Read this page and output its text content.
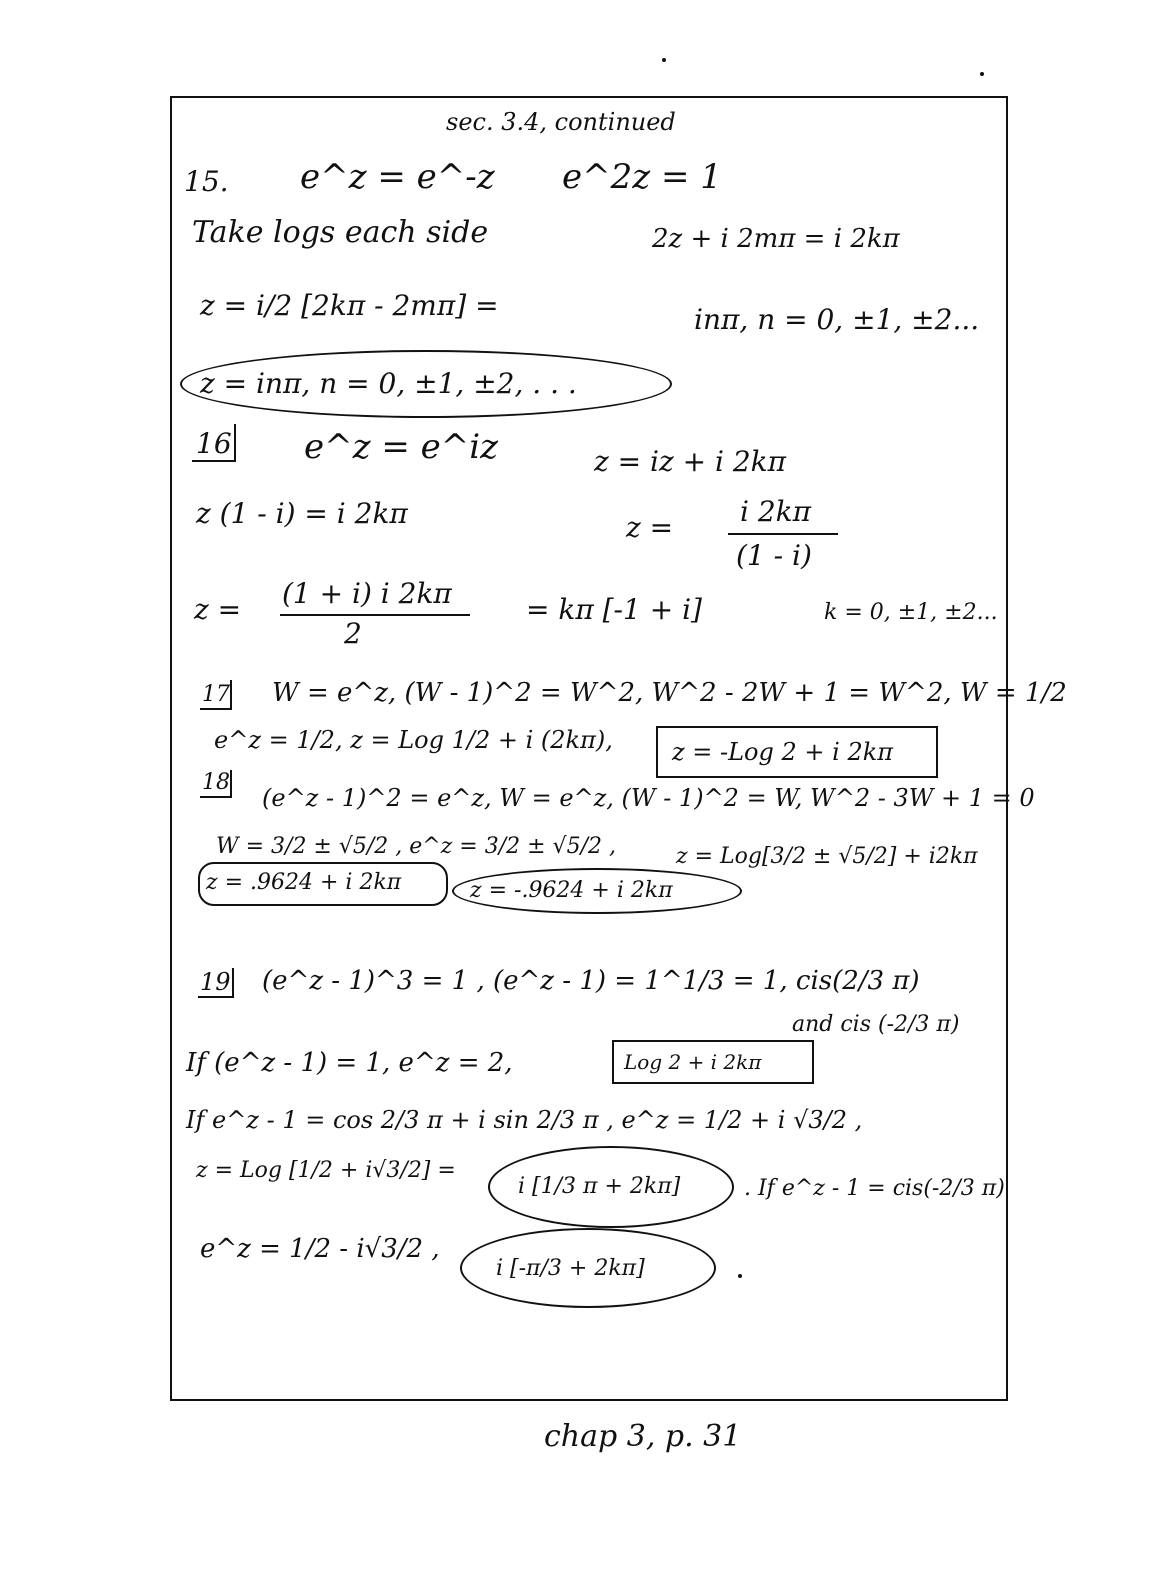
sec. 3.4, continued
15. e^z = e^-z e^2z = 1
Take logs each side	2z + i 2mπ = i 2kπ
z = i/2 [2kπ - 2mπ] =	inπ, n = 0, ±1, ±2...
z = inπ, n = 0, ±1, ±2, . . .
16 e^z = e^iz	z = iz + i 2kπ
z (1 - i) = i 2kπ	z = i 2kπ
(1 - i)
z = (1 + i) i 2kπ
2
= kπ [-1 + i]	k = 0, ±1, ±2...
17 W = e^z, (W - 1)^2 = W^2, W^2 - 2W + 1 = W^2, W = 1/2
e^z = 1/2, z = Log 1/2 + i (2kπ), z = -Log 2 + i 2kπ
18
(e^z - 1)^2 = e^z, W = e^z, (W - 1)^2 = W, W^2 - 3W + 1 = 0
W = 3/2 ± √5/2 , e^z = 3/2 ± √5/2 ,	z = Log[3/2 ± √5/2] + i2kπ
z = .9624 + i 2kπ	z = -.9624 + i 2kπ
19 (e^z - 1)^3 = 1 , (e^z - 1) = 1^1/3 = 1, cis(2/3 π)
and cis (-2/3 π)
If (e^z - 1) = 1, e^z = 2,	Log 2 + i 2kπ
If e^z - 1 = cos 2/3 π + i sin 2/3 π , e^z = 1/2 + i √3/2 ,
z = Log [1/2 + i√3/2] =
i [1/3 π + 2kπ]	. If e^z - 1 = cis(-2/3 π)
e^z = 1/2 - i√3/2 ,
i [-π/3 + 2kπ]
chap 3, p. 31
